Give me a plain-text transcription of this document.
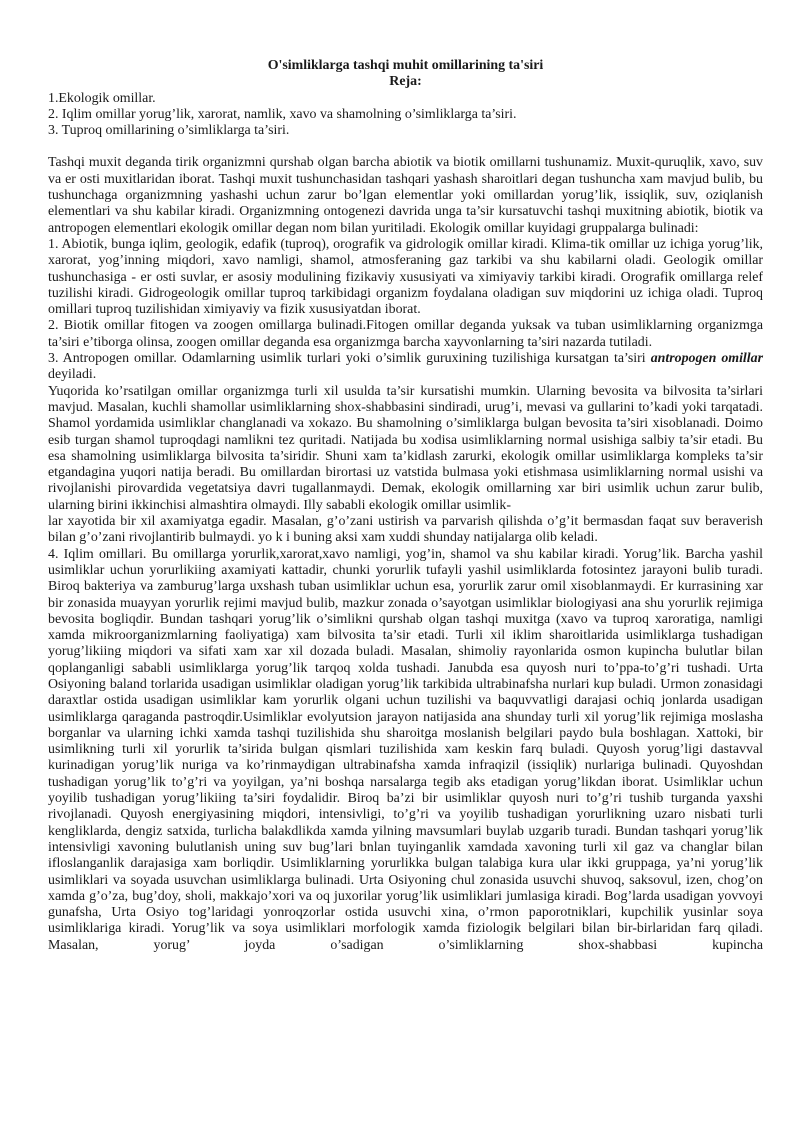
O'simliklarga tashqi muhit omillarining ta'siri

Reja:

1.Ekologik omillar.

2. Iqlim omillar yorug’lik, xarorat, namlik, xavo va shamolning o’simliklarga ta’siri.

3. Tuproq omillarining o’simliklarga ta’siri.

Tashqi muxit deganda tirik organizmni qurshab olgan barcha abiotik va biotik omillarni tushunamiz. Muxit-quruqlik, xavo, suv va er osti muxitlaridan iborat. Tashqi muxit tushunchasidan tashqari yashash sharoitlari degan tushuncha xam mavjud bulib, bu tushunchaga organizmning yashashi uchun zarur bo’lgan elementlar yoki omillardan yorug’lik, issiqlik, suv, oziqlanish elementlari va shu kabilar kiradi. Organizmning ontogenezi davrida unga ta’sir kursatuvchi tashqi muxitning abiotik, biotik va antropogen elementlari ekologik omillar degan nom bilan yuritiladi. Ekologik omillar kuyidagi gruppalarga bulinadi:

1. Abiotik, bunga iqlim, geologik, edafik (tuproq), orografik va gidrologik omillar kiradi. Klima-tik omillar uz ichiga yorug’lik, xarorat, yog’inning miqdori, xavo namligi, shamol, atmosferaning gaz tarkibi va shu kabilarni oladi. Geologik omillar tushunchasiga - er osti suvlar, er asosiy modulining fizikaviy xususiyati va ximiyaviy tarkibi kiradi. Orografik omillarga relef tuzilishi kiradi. Gidrogeologik omillar tuproq tarkibidagi organizm foydalana oladigan suv miqdorini uz ichiga oladi. Tuproq omillari tuproq tuzilishidan ximiyaviy va fizik xususiyatdan iborat.

2. Biotik omillar fitogen va zoogen omillarga bulinadi.Fitogen omillar deganda yuksak va tuban usimliklarning organizmga ta’siri e’tiborga olinsa, zoogen omillar deganda esa organizmga barcha xayvonlarning ta’siri nazarda tutiladi.

3. Antropogen omillar. Odamlarning usimlik turlari yoki o’simlik guruxining tuzilishiga kursatgan ta’siri antropogen omillar deyiladi.

Yuqorida ko’rsatilgan omillar organizmga turli xil usulda ta’sir kursatishi mumkin. Ularning bevosita va bilvosita ta’sirlari mavjud. Masalan, kuchli shamollar usimliklarning shox-shabbasini sindiradi, urug’i, mevasi va gullarini to’kadi yoki tarqatadi. Shamol yordamida usimliklar changlanadi va xokazo. Bu shamolning o’simliklarga bulgan bevosita ta’siri xisoblanadi. Doimo esib turgan shamol tuproqdagi namlikni tez quritadi. Natijada bu xodisa usimliklarning normal usishiga salbiy ta’sir etadi. Bu esa shamolning usimliklarga bilvosita ta’siridir. Shuni xam ta’kidlash zarurki, ekologik omillar usimliklarga kompleks ta’sir etgandagina yuqori natija beradi. Bu omillardan birortasi uz vatstida bulmasa yoki etishmasa usimliklarning normal usishi va rivojlanishi pirovardida vegetatsiya davri tugallanmaydi. Demak, ekologik omillarning xar biri usimlik uchun zarur bulib, ularning birini ikkinchisi almashtira olmaydi. Illy sababli ekologik omillar usimlik-

lar xayotida bir xil axamiyatga egadir. Masalan, g’o’zani ustirish va parvarish qilishda o’g’it bermasdan faqat suv beraverish bilan g’o’zani rivojlantirib bulmaydi. yo k i buning aksi xam xuddi shunday natijalarga olib keladi.

4. Iqlim omillari. Bu omillarga yorurlik,xarorat,xavo namligi, yog’in, shamol va shu kabilar kiradi. Yorug’lik. Barcha yashil usimliklar uchun yorurlikiing axamiyati kattadir, chunki yorurlik tufayli yashil usimliklarda fotosintez jarayoni bulib turadi. Biroq bakteriya va zamburug’larga uxshash tuban usimliklar uchun esa, yorurlik zarur omil xisoblanmaydi. Er kurrasining xar bir zonasida muayyan yorurlik rejimi mavjud bulib, mazkur zonada o’sayotgan usimliklar biologiyasi ana shu yorurlik rejimiga bevosita bogliqdir. Bundan tashqari yorug’lik o’simlikni qurshab olgan tashqi muxitga (xavo va tuproq xaroratiga, namligi xamda mikroorganizmlarning faoliyatiga) xam bilvosita ta’sir etadi. Turli xil iklim sharoitlarida usimliklarga tushadigan yorug’likiing miqdori va sifati xam xar xil dozada buladi. Masalan, shimoliy rayonlarida osmon kupincha bulutlar bilan qoplanganligi sababli usimliklarga yorug’lik tarqoq xolda tushadi. Janubda esa quyosh nuri to’ppa-to’g’ri tushadi. Urta Osiyoning baland torlarida usadigan usimliklar oladigan yorug’lik tarkibida ultrabinafsha nurlari kup buladi. Urmon zonasidagi daraxtlar ostida usadigan usimliklar kam yorurlik olgani uchun tuzilishi va baquvvatligi darajasi ochiq jonlarda usadigan usimliklarga qaraganda pastroqdir.Usimliklar evolyutsion jarayon natijasida ana shunday turli xil yorug’lik rejimiga moslasha borganlar va ularning ichki xamda tashqi tuzilishida shu sharoitga moslanish belgilari paydo bula boshlagan. Xattoki, bir usimlikning turli xil yorurlik ta’sirida bulgan qismlari tuzilishida xam keskin farq buladi. Quyosh yorug’ligi dastavval kurinadigan yorug’lik nuriga va ko’rinmaydigan ultrabinafsha xamda infraqizil (issiqlik) nurlariga bulinadi. Quyoshdan tushadigan yorug’lik to’g’ri va yoyilgan, ya’ni boshqa narsalarga tegib aks etadigan yorug’likdan iborat. Usimliklar uchun yoyilib tushadigan yorug’likiing ta’siri foydalidir. Biroq ba’zi bir usimliklar quyosh nuri to’g’ri tushib turganda yaxshi rivojlanadi. Quyosh energiyasining miqdori, intensivligi, to’g’ri va yoyilib tushadigan yorurlikning uzaro nisbati turli kengliklarda, dengiz satxida, turlicha balakdlikda xamda yilning mavsumlari buylab uzgarib turadi. Bundan tashqari yorug’lik intensivligi xavoning bulutlanish uning suv bug’lari bnlan tuyinganlik xamdada xavoning turli xil gaz va changlar bilan ifloslanganlik darajasiga xam borliqdir. Usimliklarning yorurlikka bulgan talabiga kura ular ikki gruppaga, ya’ni yorug’lik usimliklari va soyada usuvchan usimliklarga bulinadi. Urta Osiyoning chul zonasida usuvchi shuvoq, saksovul, izen, chog’on xamda g’o’za, bug’doy, sholi, makkajo’xori va oq juxorilar yorug’lik usimliklari jumlasiga kiradi. Bog’larda usadigan yovvoyi gunafsha, Urta Osiyo tog’laridagi yonroqzorlar ostida usuvchi xina, o’rmon paporotniklari, kupchilik yusinlar soya usimliklariga kiradi. Yorug’lik va soya usimliklari morfologik xamda fiziologik belgilari bilan bir-birlaridan farq qiladi. Masalan, yorug’ joyda o’sadigan o’simliklarning shox-shabbasi kupincha
